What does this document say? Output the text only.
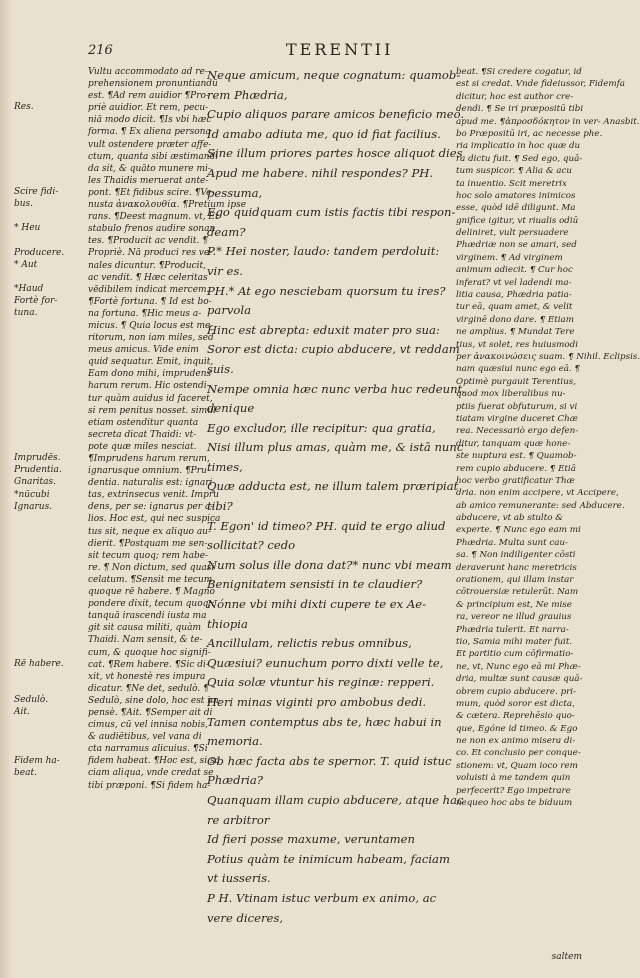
216	TERENTII
Res.
Scire fidi-
bus.
* Heu
Producere.
* Aut
*Haud
Fortè for-
tuna.
Imprudēs.
Prudentia.
Gnaritas.
*nūcubi
Ignarus.
Rē habere.
Sedulò.
Ait.
Fidem ha-
beat.
Vultu accommodato ad re-
prehensionem pronuntiandū
est. ¶Ad rem auidior ¶Pro-
priè auidior. Et rem, pecu-
niā modo dicit. ¶Is vbi hæc
forma. ¶ Ex aliena persona
vult ostendere præter affe-
ctum, quanta sibi æstimandi
da sit, & quāto munere mi-
les Thaidis meruerat ante-
pont. ¶Et fidibus scire. ¶Ve-
nusta ἀνακολουθία. ¶Pretium ipse
rans. ¶Deest magnum. vt, Et
stabulo frenos audire sonan
tes. ¶Producit ac vendit. ¶
Propriè. Nā produci res ve-
nales dicuntur. ¶Producit,
ac vendit. ¶ Hæc celeritas
vēdibilem indicat mercem.
¶Fortè fortuna. ¶ Id est bo-
na fortuna. ¶Hic meus a-
micus. ¶ Quia locus est me-
ritorum, non iam miles, sed
meus amicus. Vide enim
quid sequatur. Emit, inquit,
Eam dono mihi, imprudens
harum rerum. Hic ostendi-
tur quàm auidus id faceret,
si rem penitus nosset. simul
etiam ostenditur quanta
secreta dicat Thaidi: vt-
pote quæ miles nesciat.
¶Imprudens harum rerum,
ignarusque omnium. ¶Pru-
dentia. naturalis est: ignari
tas, extrinsecus venit. Impru
dens, per se: ignarus per a-
lios. Hoc est, qui nec suspica
tus sit, neque ex aliquo au-
dierit. ¶Postquam me sen-
sit tecum quoq; rem habe-
re. ¶ Non dictum, sed quasi
celatum. ¶Sensit me tecum
quoque rē habere. ¶ Magno
pondere dixit, tecum quoq;:
tanquā irascendi iusta ma
git sit causa militi, quàm
Thaidi. Nam sensit, & te-
cum, & quoque hoc signifi-
cat. ¶Rem habere. ¶Sic di-
xit, vt honestè res impura
dicatur. ¶Ne det, sedulò. ¶
Sedulò, sine dolo, hoc est im-
pensè. ¶Ait. ¶Semper ait di
cimus, cū vel innisa nobis,
& audiētibus, vel vana di
cta narramus alicuius. ¶Si
fidem habeat. ¶Hoc est, si sa
ciam aliqua, vnde credat se
tibi præponi. ¶Si fidem ha-
Neque amicum, neque cognatum: quamob-
rem Phædria,
Cupio aliquos parare amicos beneficio meo.
Id amabo adiuta me, quo id fiat facilius.
Sine illum priores partes hosce aliquot dies
Apud me habere. nihil respondes? PH.
pessuma,
Ego quidquam cum istis factis tibi respon-
deam?
P.* Hei noster, laudo: tandem perdoluit:
vir es.
PH.* At ego nesciebam quorsum tu ires?
parvola
Hinc est abrepta: eduxit mater pro sua:
Soror est dicta: cupio abducere, vt reddam
suis.
Nempe omnia hæc nunc verba huc redeunt.
denique
Ego excludor, ille recipitur: qua gratia,
Nisi illum plus amas, quàm me, & istā nunc
times,
Quæ adducta est, ne illum talem præripiat
tibi?
T. Egon' id timeo? PH. quid te ergo aliud
sollicitat? cedo
Num solus ille dona dat?* nunc vbi meam
Benignitatem sensisti in te claudier?
Nónne vbi mihi dixti cupere te ex Ae-
thiopia
Ancillulam, relictis rebus omnibus,
Quæsiui? eunuchum porro dixti velle te,
Quia solæ vtuntur his reginæ: repperi.
Heri minas viginti pro ambobus dedi.
Tamen contemptus abs te, hæc habui in
memoria.
Ob hæc facta abs te spernor. T. quid istuc
Phædria?
Quanquam illam cupio abducere, atque hac
re arbitror
Id fieri posse maxume, veruntamen
Potius quàm te inimicum habeam, faciam
vt iusseris.
P H. Vtinam istuc verbum ex animo, ac
vere diceres,
beat. ¶Si credere cogatur, id
est si credat. Vnde fideiussor, Fidemfa
dicitur, hoc est author cre-
dendi. ¶ Se iri præpositū tibi
apud me. ¶ἀπροσδόκητον in ver- Anasbit.
bo Præpositū iri, ac necesse phe.
ria implicatio in hoc quæ du
ra dictu fuit. ¶ Sed ego, quā-
tum suspicor. ¶ Alia & acu
ta inuentio. Scit meretrix
hoc solo amatores inimicos
esse, quòd idē diligunt. Ma
gnifice igitur, vt riualis odiū
deliniret, vult persuadere
Phædriæ non se amari, sed
virginem. ¶ Ad virginem
animum adiecit. ¶ Cur hoc
inferat? vt vel ladendi ma-
litia causa, Phædria patia-
tur eā, quam amet, & velit
virginē dono dare. ¶ Etiam
ne amplius. ¶ Mundat Tere
tius, vt solet, res huiusmodi
per ἀνακοινώσεις suam. ¶ Nihil. Eclipsis.
nam quæsiui nunc ego eā. ¶
Optimè purgauit Terentius,
quod mox liberalibus nu-
ptiis fuerat obfuturum, si vi
tiatam virgine duceret Chæ
rea. Necessariò ergo defen-
ditur, tanquam quæ hone-
ste nuptura est. ¶ Quamob-
rem cupio abducere. ¶ Etiā
hoc verbo gratificatur Thæ
dria. non enim accipere, vt Accipere,
ab amico remunerante: sed Abducere.
abducere, vt ab stulto &
experte. ¶ Nunc ego eam mi
Phædria. Multa sunt cau-
sa. ¶ Non indiligenter cōsti
deraverunt hanc meretricis
orationem, qui illam instar
cōtrouersiæ retulerūt. Nam
& principium est, Ne mise
ra, vereor ne illud grauius
Phædria tulerit. Et narra-
tio, Samia mihi mater fuit.
Et partitio cum cōfirmatio-
ne, vt, Nunc ego eā mi Phæ-
dria, multæ sunt causæ quā-
obrem cupio abducere. pri-
mum, quòd soror est dicta,
& cætera. Reprehēsio quo-
que, Egóne id timeo. & Ego
ne non ex animo misera di-
co. Et conclusio per conque-
stionem: vt, Quam ioco rem
voluisti à me tandem quin
perfecerit? Ego impetrare
nequeo hoc abs te biduum
saltem
